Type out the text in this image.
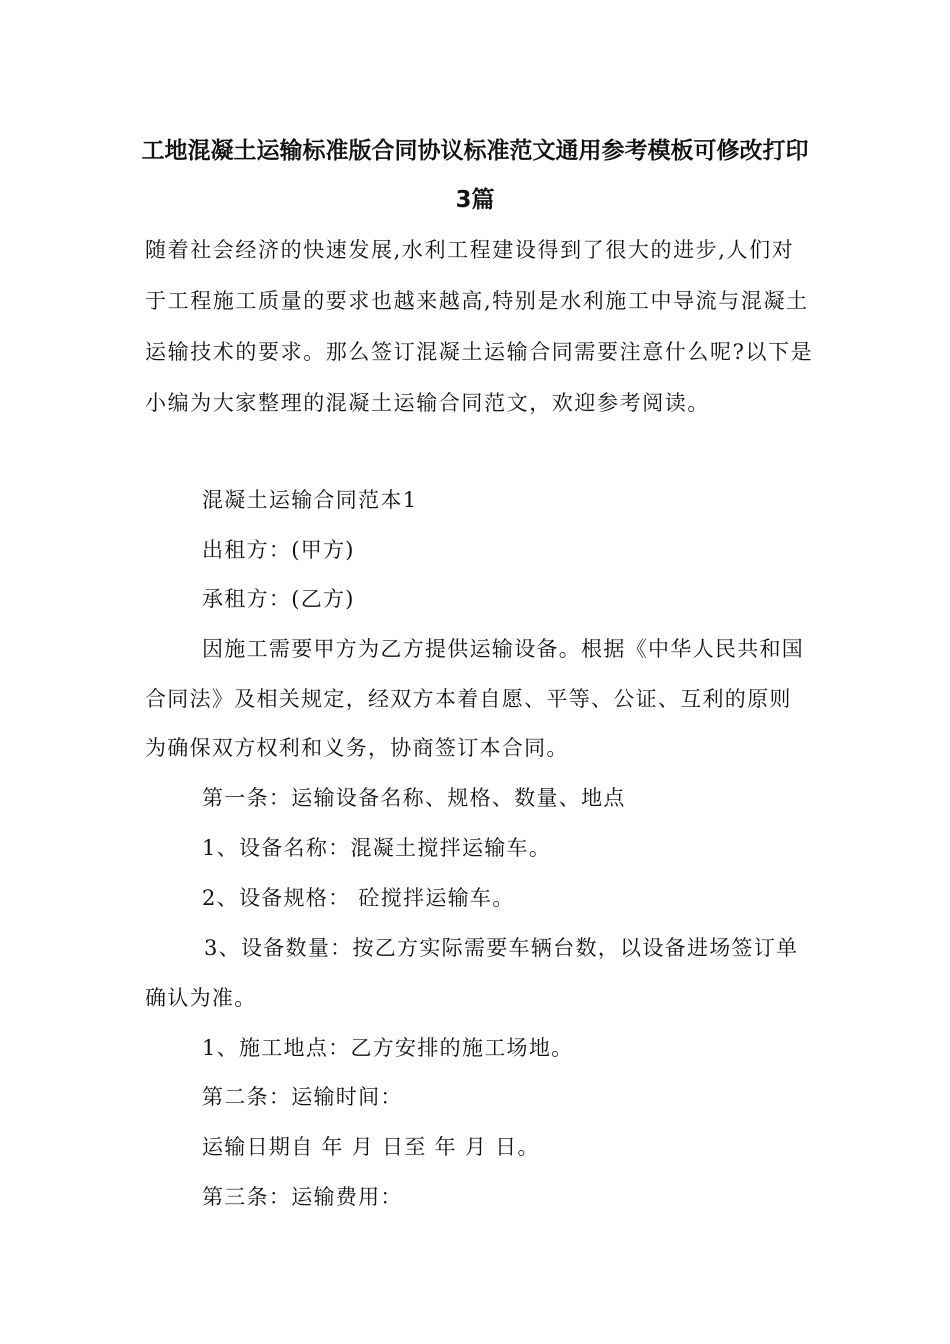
工地混凝土运输标准版合同协议标准范文通用参考模板可修改打印
3篇
随着社会经济的快速发展,水利工程建设得到了很大的进步,人们对
于工程施工质量的要求也越来越高,特别是水利施工中导流与混凝土
运输技术的要求。那么签订混凝土运输合同需要注意什么呢?以下是
小编为大家整理的混凝土运输合同范文，欢迎参考阅读。
混凝土运输合同范本1
出租方：(甲方)
承租方：(乙方)
因施工需要甲方为乙方提供运输设备。根据《中华人民共和国
合同法》及相关规定，经双方本着自愿、平等、公证、互利的原则
为确保双方权利和义务，协商签订本合同。
第一条：运输设备名称、规格、数量、地点
1、设备名称：混凝土搅拌运输车。
2、设备规格： 砼搅拌运输车。
3、设备数量：按乙方实际需要车辆台数，以设备进场签订单
确认为准。
1、施工地点：乙方安排的施工场地。
第二条：运输时间：
运输日期自 年 月 日至 年 月 日。
第三条：运输费用：
